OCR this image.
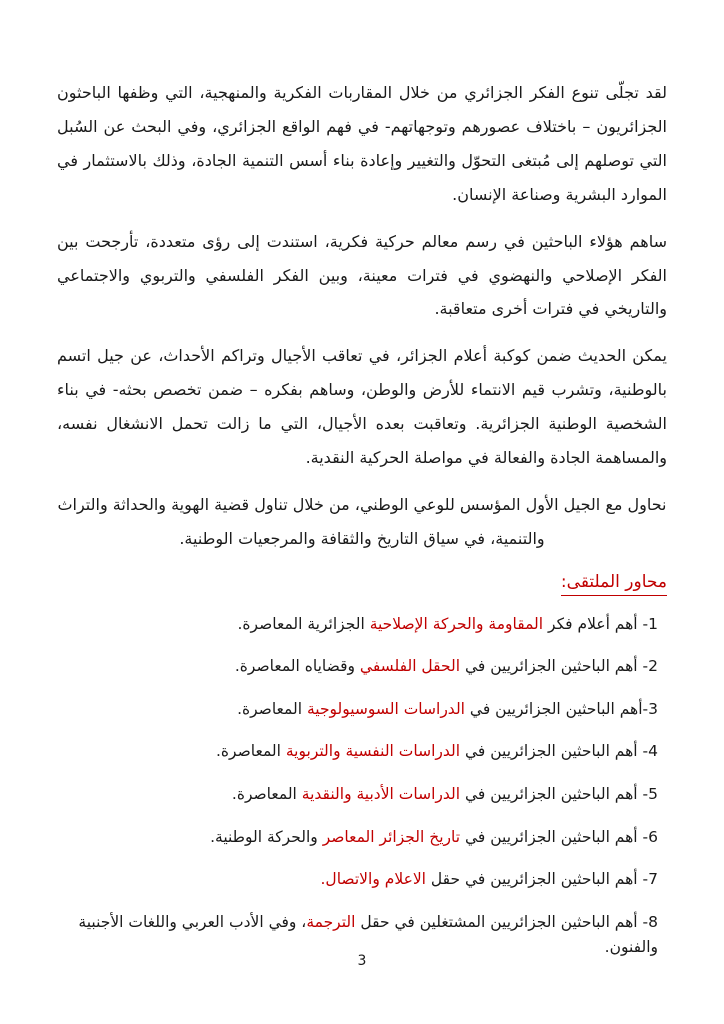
لقد تجلّى تنوع الفكر الجزائري من خلال المقاربات الفكرية والمنهجية، التي وظفها الباحثون الجزائريون – باختلاف عصورهم وتوجهاتهم- في فهم الواقع الجزائري، وفي البحث عن السُبل التي توصلهم إلى مُبتغى التحوّل والتغيير وإعادة بناء أسس التنمية الجادة، وذلك بالاستثمار في الموارد البشرية وصناعة الإنسان.

ساهم هؤلاء الباحثين في رسم معالم حركية فكرية، استندت إلى رؤى متعددة، تأرجحت بين الفكر الإصلاحي والنهضوي في فترات معينة، وبين الفكر الفلسفي والتربوي والاجتماعي والتاريخي في فترات أخرى متعاقبة.

يمكن الحديث ضمن كوكبة أعلام الجزائر، في تعاقب الأجيال وتراكم الأحداث، عن جيل اتسم بالوطنية، وتشرب قيم الانتماء للأرض والوطن، وساهم بفكره – ضمن تخصص بحثه- في بناء الشخصية الوطنية الجزائرية. وتعاقبت بعده الأجيال، التي ما زالت تحمل الانشغال نفسه، والمساهمة الجادة والفعالة في مواصلة الحركية النقدية.

نحاول مع الجيل الأول المؤسس للوعي الوطني، من خلال تناول قضية الهوية والحداثة والتراث والتنمية، في سياق التاريخ والثقافة والمرجعيات الوطنية.

محاور الملتقى:
1- أهم أعلام فكر المقاومة والحركة الإصلاحية الجزائرية المعاصرة.
2- أهم الباحثين الجزائريين في الحقل الفلسفي وقضاياه المعاصرة.
3-أهم الباحثين الجزائريين في الدراسات السوسيولوجية المعاصرة.
4- أهم الباحثين الجزائريين في الدراسات النفسية والتربوية المعاصرة.
5- أهم الباحثين الجزائريين في الدراسات الأدبية والنقدية المعاصرة.
6- أهم الباحثين الجزائريين في تاريخ الجزائر المعاصر والحركة الوطنية.
7- أهم الباحثين الجزائريين في حقل الاعلام والاتصال.
8- أهم الباحثين الجزائريين المشتغلين في حقل الترجمة، وفي الأدب العربي واللغات الأجنبية والفنون.
3
